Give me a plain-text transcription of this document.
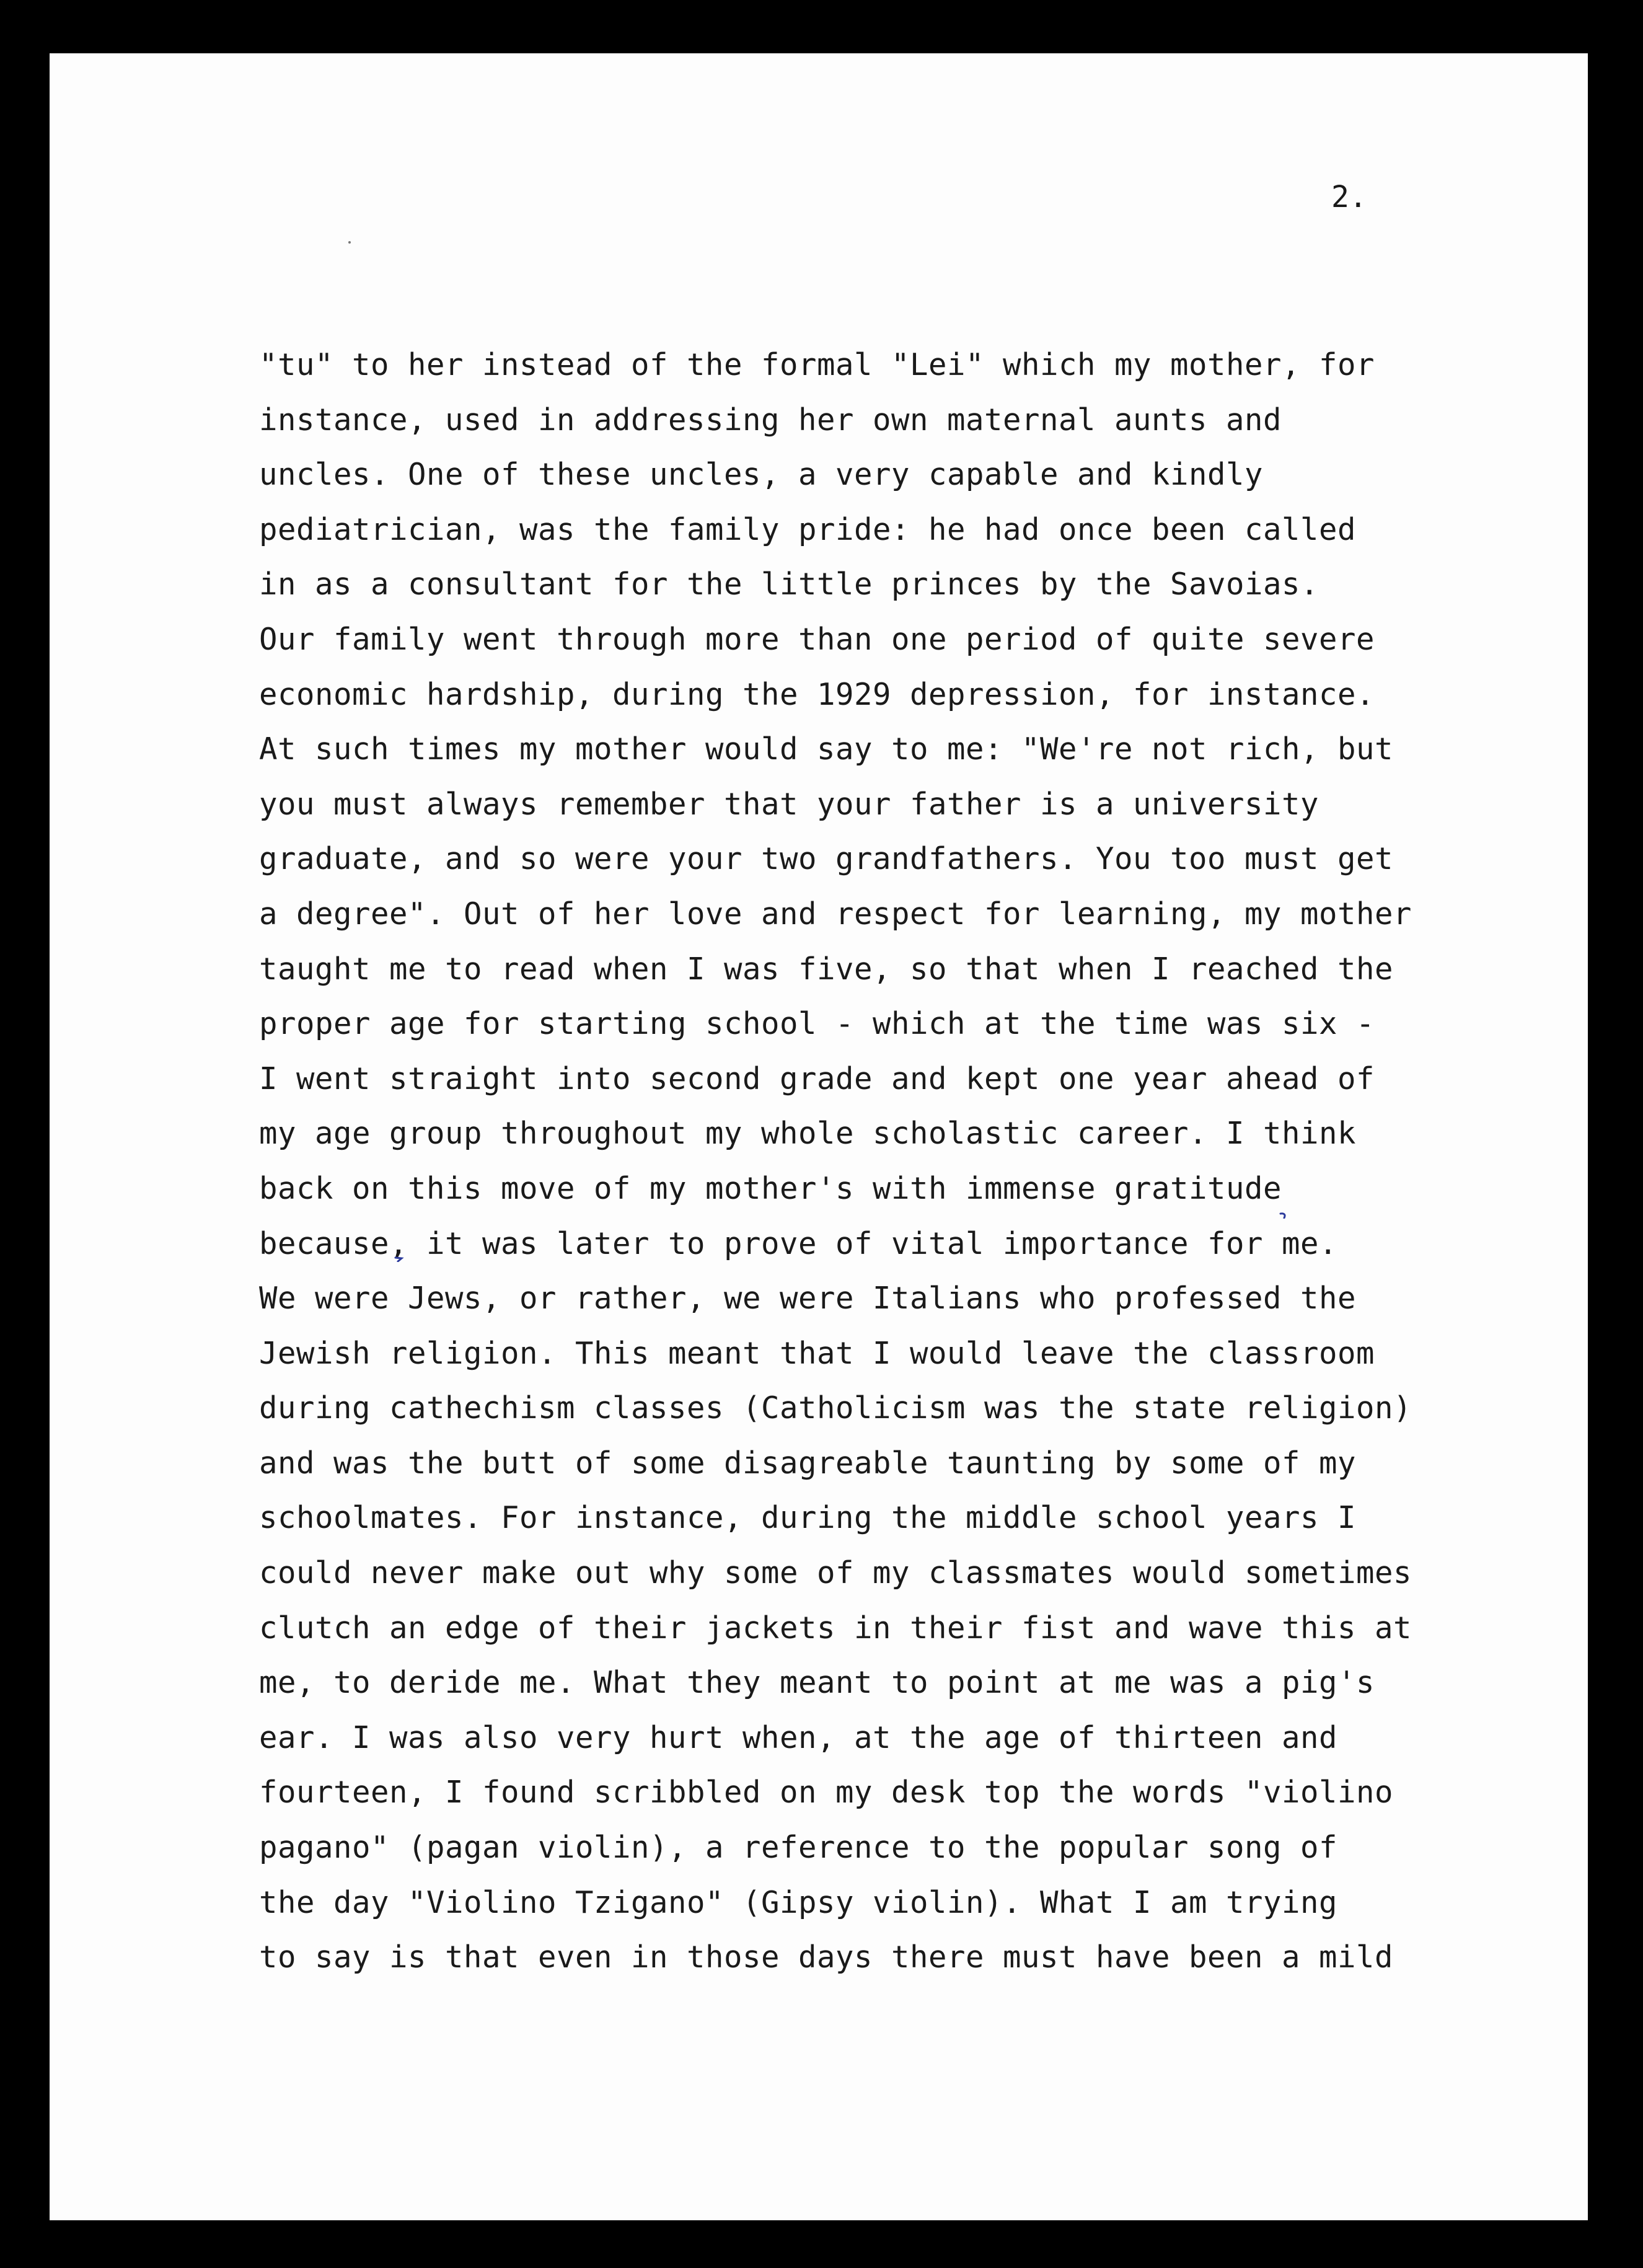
2.
"tu" to her instead of the formal "Lei" which my mother, for
instance, used in addressing her own maternal aunts and
uncles. One of these uncles, a very capable and kindly
pediatrician, was the family pride: he had once been called
in as a consultant for the little princes by the Savoias.
Our family went through more than one period of quite severe
economic hardship, during the 1929 depression, for instance.
At such times my mother would say to me: "We're not rich, but
you must always remember that your father is a university
graduate, and so were your two grandfathers. You too must get
a degree". Out of her love and respect for learning, my mother
taught me to read when I was five, so that when I reached the
proper age for starting school - which at the time was six -
I went straight into second grade and kept one year ahead of
my age group throughout my whole scholastic career. I think
back on this move of my mother's with immense gratitude
because, it was later to prove of vital importance for me.
We were Jews, or rather, we were Italians who professed the
Jewish religion. This meant that I would leave the classroom
during cathechism classes (Catholicism was the state religion)
and was the butt of some disagreable taunting by some of my
schoolmates. For instance, during the middle school years I
could never make out why some of my classmates would sometimes
clutch an edge of their jackets in their fist and wave this at
me, to deride me. What they meant to point at me was a pig's
ear. I was also very hurt when, at the age of thirteen and
fourteen, I found scribbled on my desk top the words "violino
pagano" (pagan violin), a reference to the popular song of
the day "Violino Tzigano" (Gipsy violin). What I am trying
to say is that even in those days there must have been a mild
